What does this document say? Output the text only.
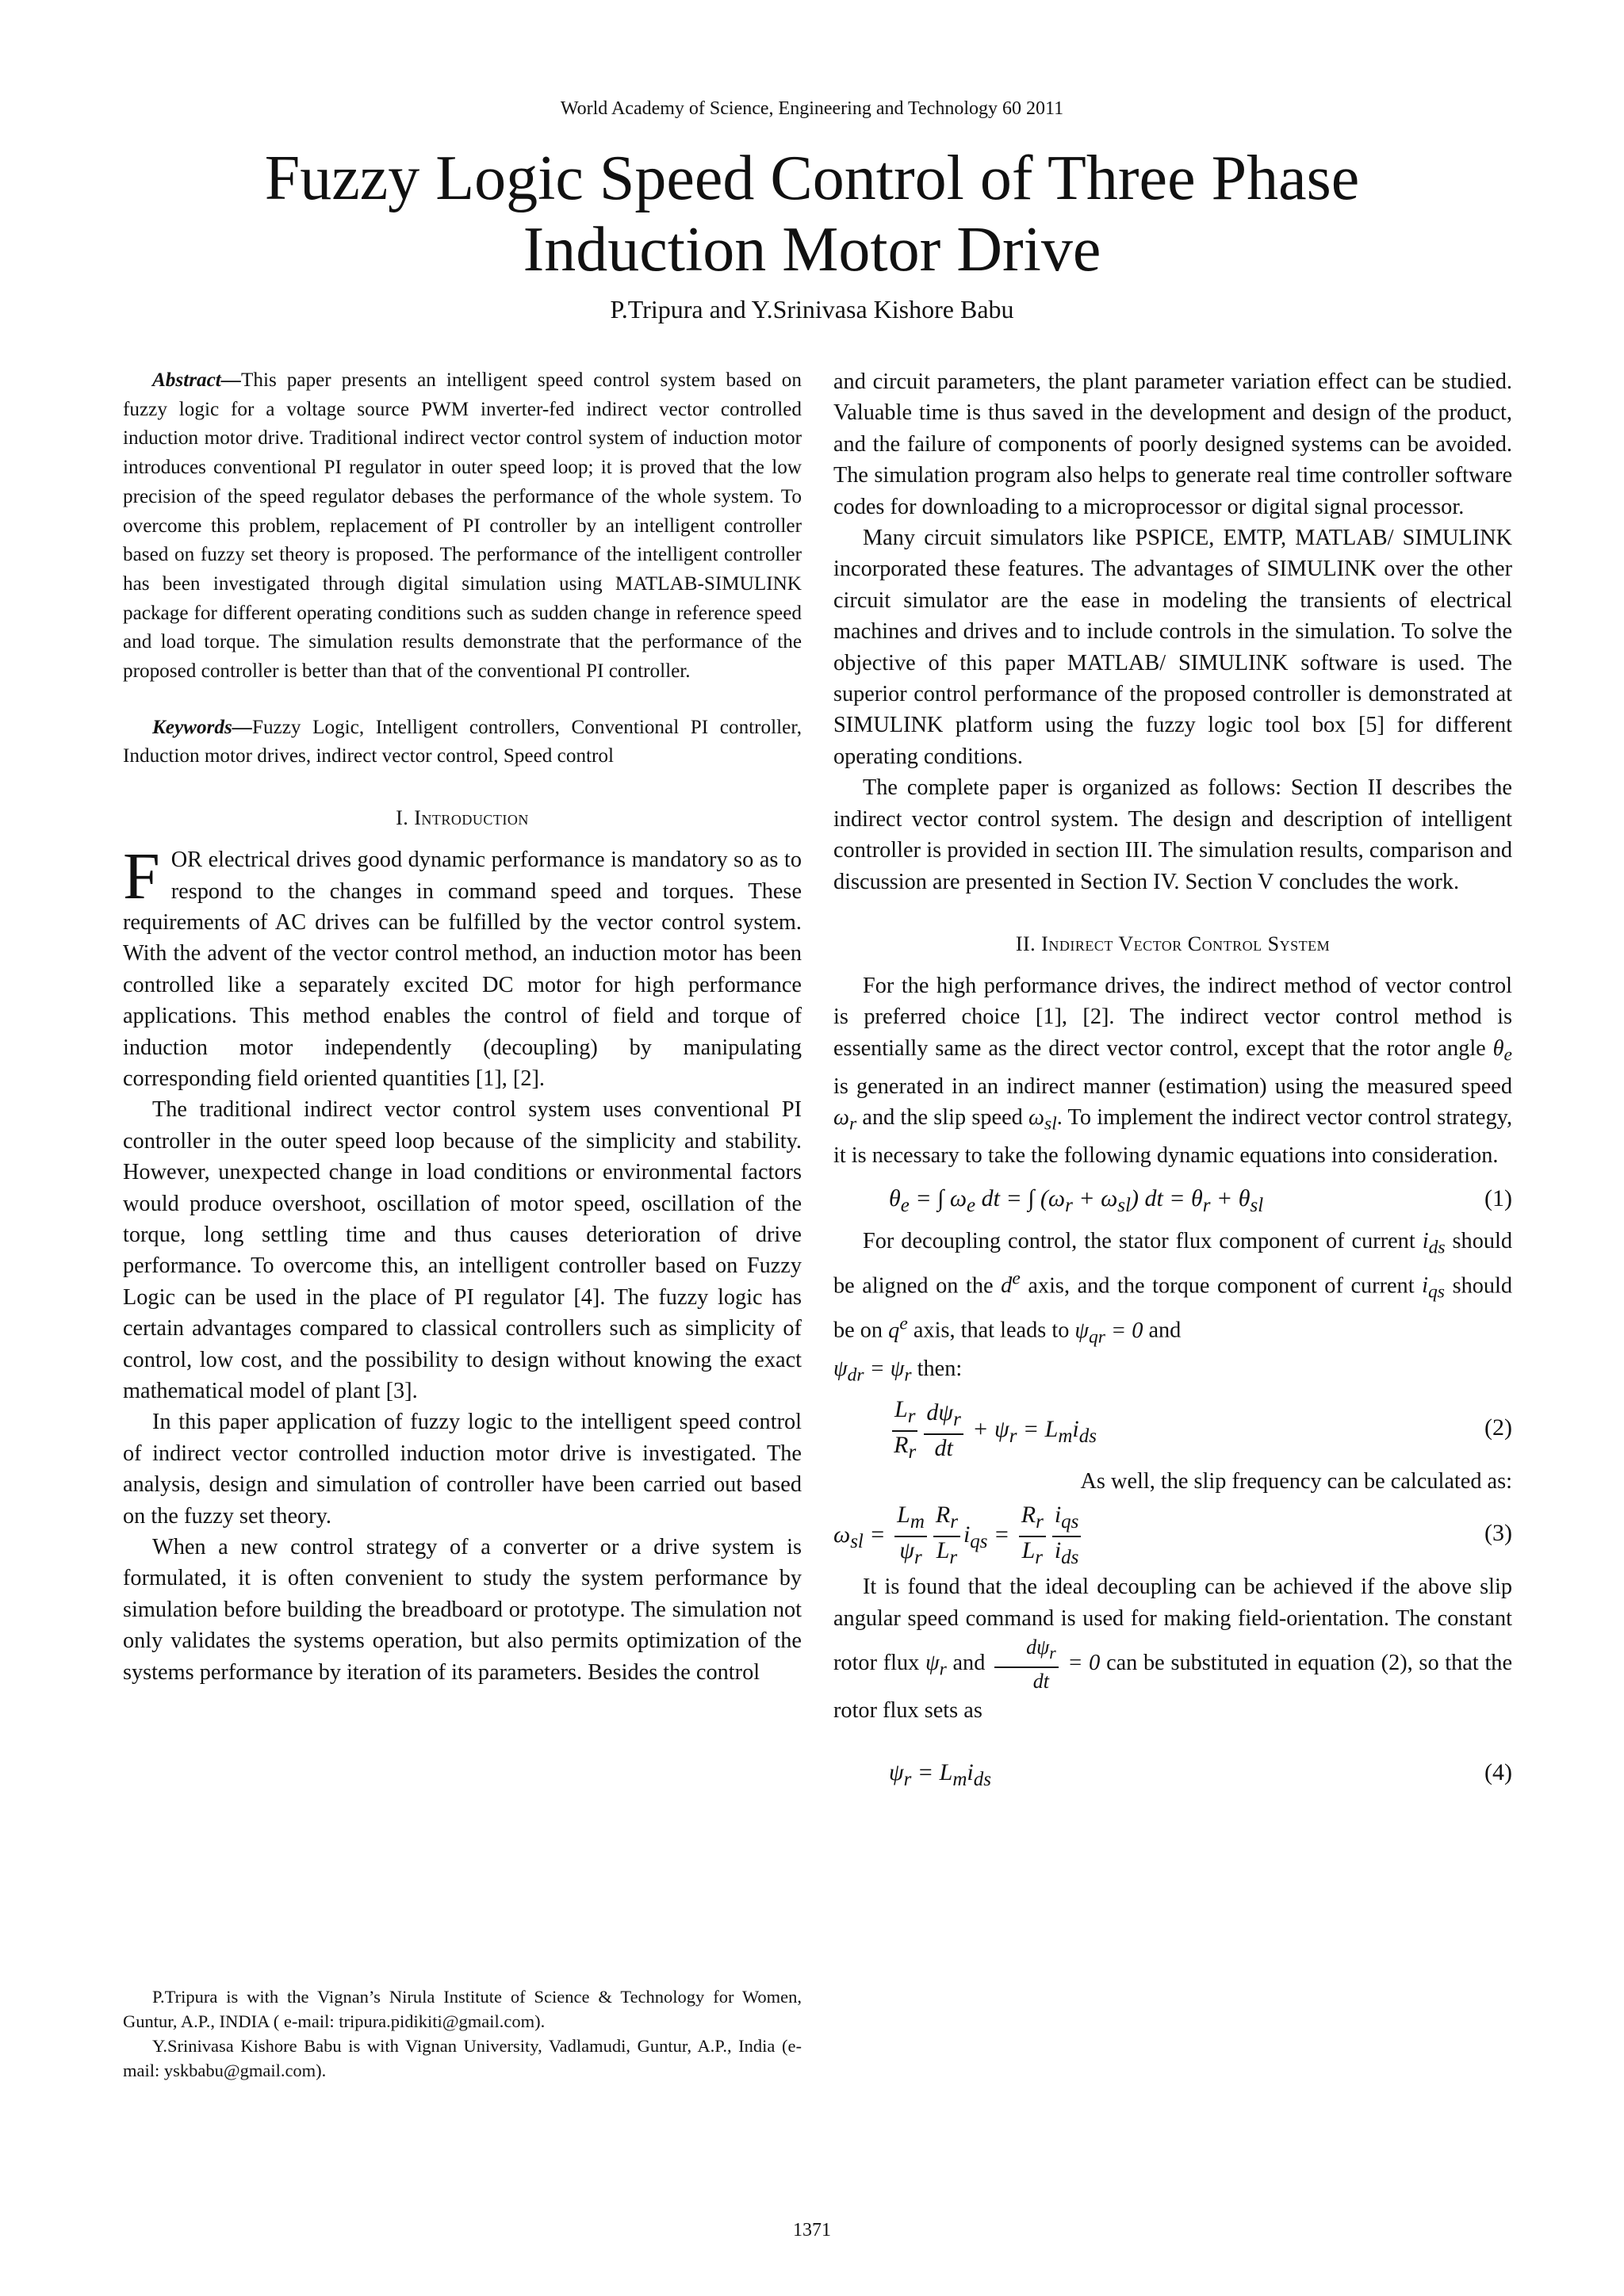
World Academy of Science, Engineering and Technology 60 2011
Fuzzy Logic Speed Control of Three Phase
Induction Motor Drive
P.Tripura and Y.Srinivasa Kishore Babu

Abstract—This paper presents an intelligent speed control system based on fuzzy logic for a voltage source PWM inverter-fed indirect vector controlled induction motor drive. Traditional indirect vector control system of induction motor introduces conventional PI regulator in outer speed loop; it is proved that the low precision of the speed regulator debases the performance of the whole system. To overcome this problem, replacement of PI controller by an intelligent controller based on fuzzy set theory is proposed. The performance of the intelligent controller has been investigated through digital simulation using MATLAB-SIMULINK package for different operating conditions such as sudden change in reference speed and load torque. The simulation results demonstrate that the performance of the proposed controller is better than that of the conventional PI controller.

Keywords—Fuzzy Logic, Intelligent controllers, Conventional PI controller, Induction motor drives, indirect vector control, Speed control

I. Introduction

FOR electrical drives good dynamic performance is mandatory so as to respond to the changes in command speed and torques. These requirements of AC drives can be fulfilled by the vector control system. With the advent of the vector control method, an induction motor has been controlled like a separately excited DC motor for high performance applications. This method enables the control of field and torque of induction motor independently (decoupling) by manipulating corresponding field oriented quantities [1], [2].

The traditional indirect vector control system uses conventional PI controller in the outer speed loop because of the simplicity and stability. However, unexpected change in load conditions or environmental factors would produce overshoot, oscillation of motor speed, oscillation of the torque, long settling time and thus causes deterioration of drive performance. To overcome this, an intelligent controller based on Fuzzy Logic can be used in the place of PI regulator [4]. The fuzzy logic has certain advantages compared to classical controllers such as simplicity of control, low cost, and the possibility to design without knowing the exact mathematical model of plant [3].

In this paper application of fuzzy logic to the intelligent speed control of indirect vector controlled induction motor drive is investigated. The analysis, design and simulation of controller have been carried out based on the fuzzy set theory.

When a new control strategy of a converter or a drive system is formulated, it is often convenient to study the system performance by simulation before building the breadboard or prototype. The simulation not only validates the systems operation, but also permits optimization of the systems performance by iteration of its parameters. Besides the control

and circuit parameters, the plant parameter variation effect can be studied. Valuable time is thus saved in the development and design of the product, and the failure of components of poorly designed systems can be avoided. The simulation program also helps to generate real time controller software codes for downloading to a microprocessor or digital signal processor.

Many circuit simulators like PSPICE, EMTP, MATLAB/ SIMULINK incorporated these features. The advantages of SIMULINK over the other circuit simulator are the ease in modeling the transients of electrical machines and drives and to include controls in the simulation. To solve the objective of this paper MATLAB/ SIMULINK software is used. The superior control performance of the proposed controller is demonstrated at SIMULINK platform using the fuzzy logic tool box [5] for different operating conditions.

The complete paper is organized as follows: Section II describes the indirect vector control system. The design and description of intelligent controller is provided in section III. The simulation results, comparison and discussion are presented in Section IV. Section V concludes the work.

II. Indirect Vector Control System

For the high performance drives, the indirect method of vector control is preferred choice [1], [2]. The indirect vector control method is essentially same as the direct vector control, except that the rotor angle $\theta_e$ is generated in an indirect manner (estimation) using the measured speed $\omega_r$ and the slip speed $\omega_{sl}$. To implement the indirect vector control strategy, it is necessary to take the following dynamic equations into consideration.

$\theta_e$ = ∫ $\omega_e$ dt = ∫ $(\omega_r + \omega_{sl})$ dt = $\theta_r + \theta_{sl}$	(1)

For decoupling control, the stator flux component of current $i_{ds}$ should be aligned on the $d^e$ axis, and the torque component of current $i_{qs}$ should be on $q^e$ axis, that leads to $\psi_{qr} = 0$ and
$\psi_{dr} = \psi_r$ then:

$\frac{L_r}{R_r} \frac{d\psi_r}{dt} + \psi_r = L_mi_{ds}$	(2)

As well, the slip frequency can be calculated as:

$\omega_{sl} = \frac{L_m}{\psi_r} \frac{R_r}{L_r} i_{qs} = \frac{R_r}{L_r} \frac{i_{qs}}{i_{ds}}$	(3)

It is found that the ideal decoupling can be achieved if the above slip angular speed command is used for making field-orientation. The constant rotor flux $\psi_r$ and $\frac{d\psi_r}{dt} = 0$ can be substituted in equation (2), so that the rotor flux sets as

$\psi_r = L_mi_{ds}$	(4)

P.Tripura is with the Vignan’s Nirula Institute of Science & Technology for Women, Guntur, A.P., INDIA ( e-mail: tripura.pidikiti@gmail.com).

Y.Srinivasa Kishore Babu is with Vignan University, Vadlamudi, Guntur, A.P., India (e-mail: yskbabu@gmail.com).

1371
